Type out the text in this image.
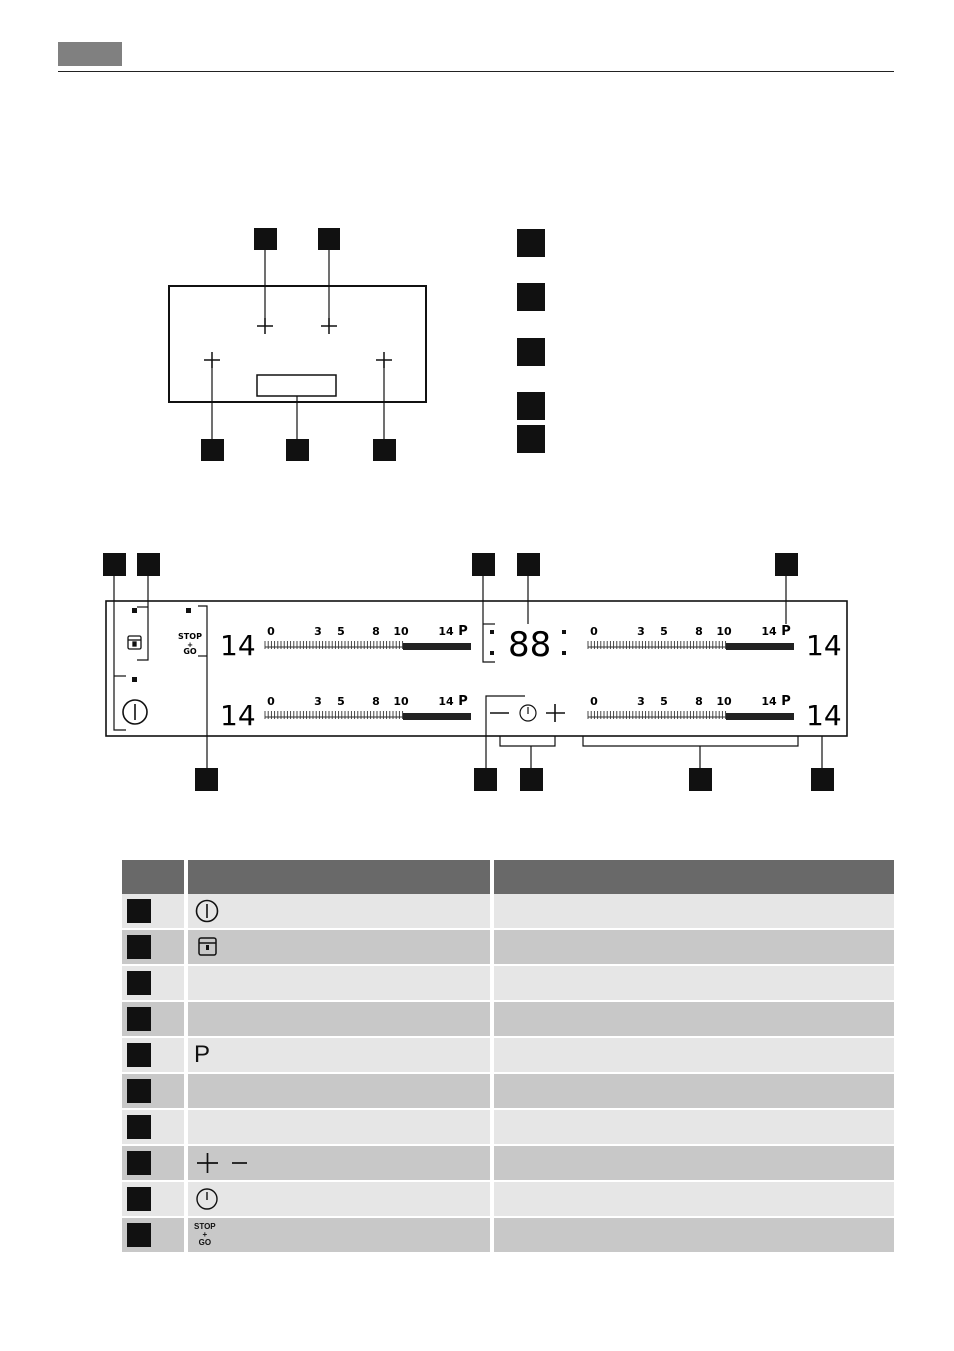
STOP
+
GO 14
14
14
14
88
0	3 5 8 10	14 P
0	3 5 8 10	14 P
0	3 5 8 10	14 P
0	3 5 8 10	14 P
P
STOP
+
GO
